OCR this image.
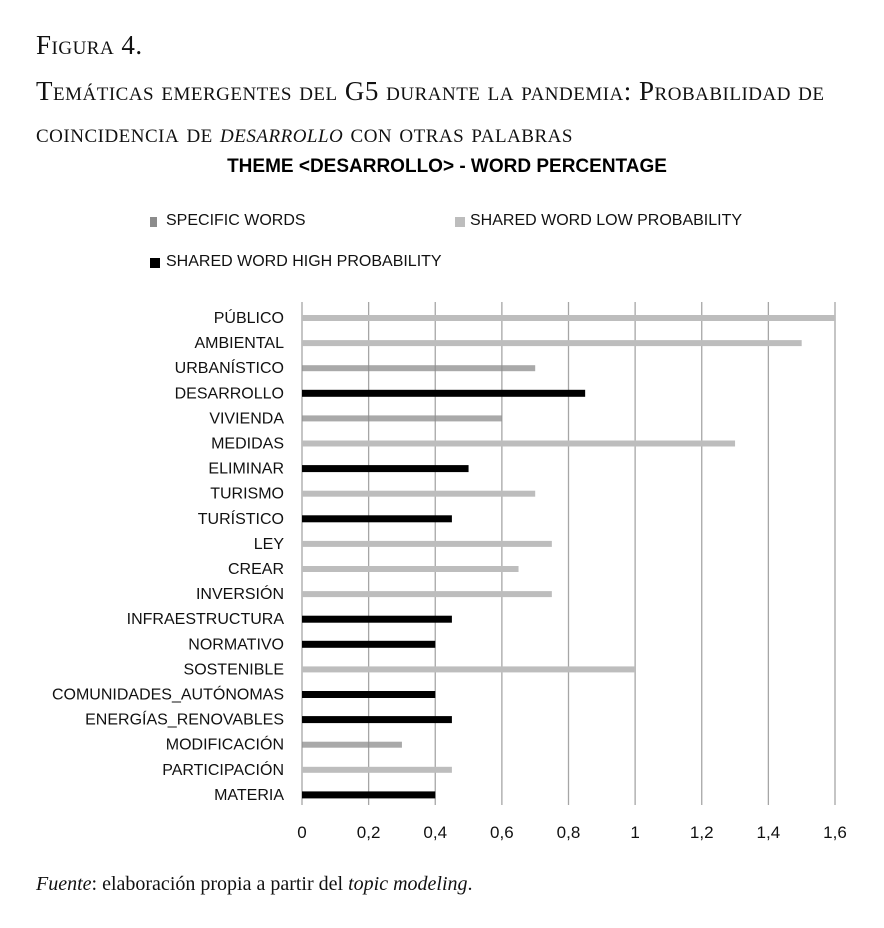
Figura 4.
Temáticas emergentes del G5 durante la pandemia: Probabilidad de coincidencia de desarrollo con otras palabras
THEME <DESARROLLO> - WORD PERCENTAGE
SPECIFIC WORDS	SHARED WORD LOW PROBABILITY
SHARED WORD HIGH PROBABILITY
0	0,2	0,4	0,6	0,8	1	1,2	1,4	1,6
PÚBLICO
AMBIENTAL
URBANÍSTICO
DESARROLLO
VIVIENDA
MEDIDAS
ELIMINAR
TURISMO
TURÍSTICO
LEY
CREAR
INVERSIÓN
INFRAESTRUCTURA
NORMATIVO
SOSTENIBLE
COMUNIDADES_AUTÓNOMAS
ENERGÍAS_RENOVABLES
MODIFICACIÓN
PARTICIPACIÓN
MATERIA
Fuente: elaboración propia a partir del topic modeling.
